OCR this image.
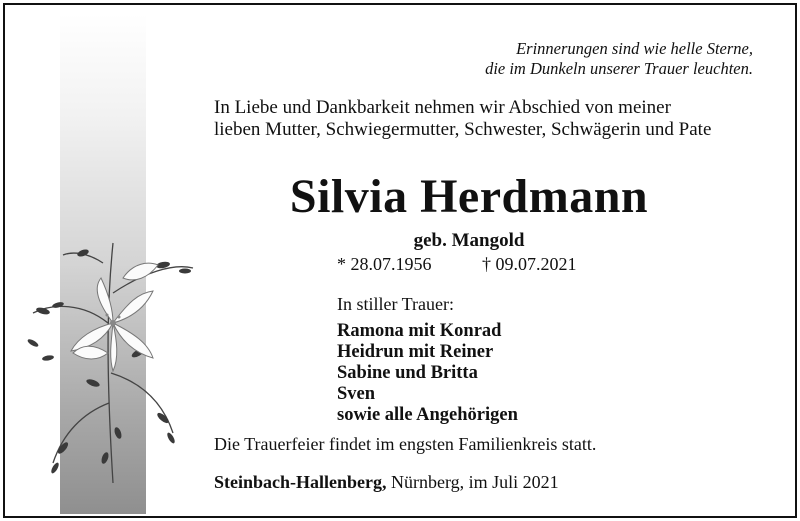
Erinnerungen sind wie helle Sterne,
die im Dunkeln unserer Trauer leuchten.
In Liebe und Dankbarkeit nehmen wir Abschied von meiner
lieben Mutter, Schwiegermutter, Schwester, Schwägerin und Pate
Silvia Herdmann
geb. Mangold
* 28.07.1956	† 09.07.2021
In stiller Trauer:
Ramona mit Konrad
Heidrun mit Reiner
Sabine und Britta
Sven
sowie alle Angehörigen
Die Trauerfeier findet im engsten Familienkreis statt.
Steinbach-Hallenberg, Nürnberg, im Juli 2021
